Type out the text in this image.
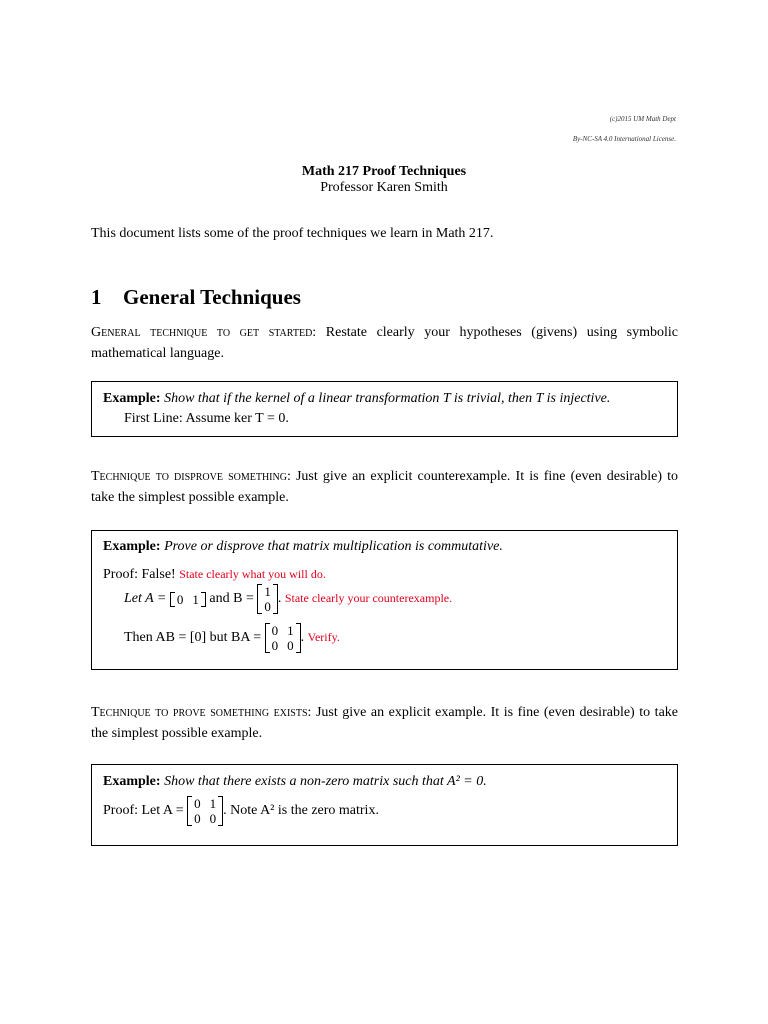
(c)2015 UM Math Dept
By-NC-SA 4.0 International License.
Math 217 Proof Techniques
Professor Karen Smith
This document lists some of the proof techniques we learn in Math 217.
1 General Techniques
General technique to get started: Restate clearly your hypotheses (givens) using symbolic mathematical language.
Example: Show that if the kernel of a linear transformation T is trivial, then T is injective.
First Line: Assume ker T = 0.
Technique to disprove something: Just give an explicit counterexample. It is fine (even desirable) to take the simplest possible example.
Example: Prove or disprove that matrix multiplication is commutative.
Proof: False! State clearly what you will do.
Let A = 0 1 and B = 1
0
. State clearly your counterexample.
Then AB = [0] but BA = 0 1
0 0
. Verify.
Technique to prove something exists: Just give an explicit example. It is fine (even desirable) to take the simplest possible example.
Example: Show that there exists a non-zero matrix such that A² = 0.
Proof: Let A = 0 1
0 0
. Note A² is the zero matrix.
